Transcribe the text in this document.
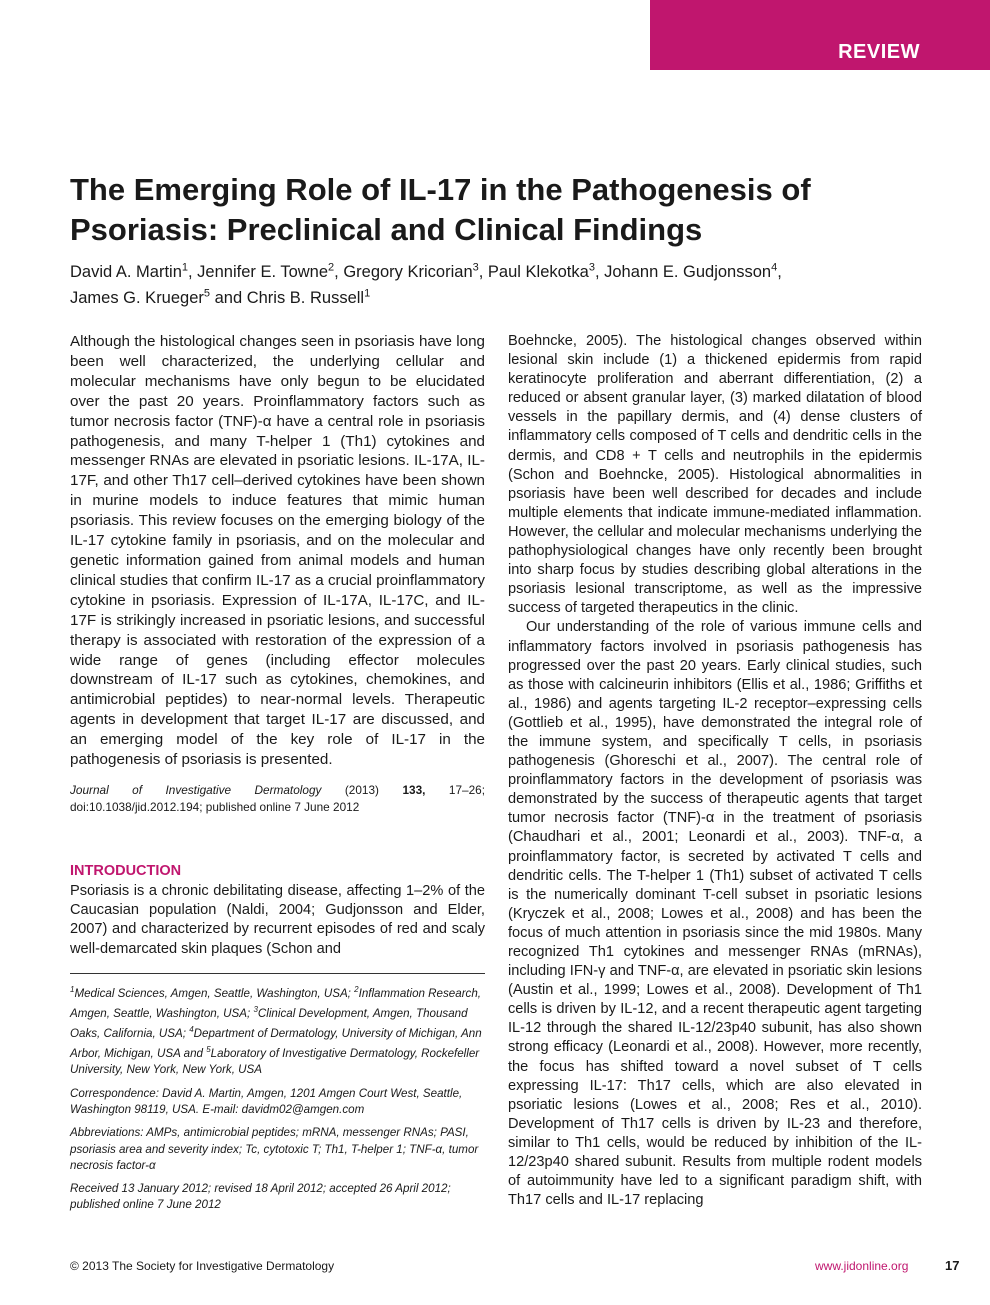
REVIEW
The Emerging Role of IL-17 in the Pathogenesis of Psoriasis: Preclinical and Clinical Findings
David A. Martin$^1$, Jennifer E. Towne$^2$, Gregory Kricorian$^3$, Paul Klekotka$^3$, Johann E. Gudjonsson$^4$,
James G. Krueger$^5$ and Chris B. Russell$^1$

Although the histological changes seen in psoriasis have long been well characterized, the underlying cellular and molecular mechanisms have only begun to be elucidated over the past 20 years. Proinflammatory factors such as tumor necrosis factor (TNF)-α have a central role in psoriasis pathogenesis, and many T-helper 1 (Th1) cytokines and messenger RNAs are elevated in psoriatic lesions. IL-17A, IL-17F, and other Th17 cell–derived cytokines have been shown in murine models to induce features that mimic human psoriasis. This review focuses on the emerging biology of the IL-17 cytokine family in psoriasis, and on the molecular and genetic information gained from animal models and human clinical studies that confirm IL-17 as a crucial proinflammatory cytokine in psoriasis. Expression of IL-17A, IL-17C, and IL-17F is strikingly increased in psoriatic lesions, and successful therapy is associated with restoration of the expression of a wide range of genes (including effector molecules downstream of IL-17 such as cytokines, chemokines, and antimicrobial peptides) to near-normal levels. Therapeutic agents in development that target IL-17 are discussed, and an emerging model of the key role of IL-17 in the pathogenesis of psoriasis is presented.

Journal of Investigative Dermatology (2013) 133, 17–26; doi:10.1038/jid.2012.194; published online 7 June 2012

INTRODUCTION

Psoriasis is a chronic debilitating disease, affecting 1–2% of the Caucasian population (Naldi, 2004; Gudjonsson and Elder, 2007) and characterized by recurrent episodes of red and scaly well-demarcated skin plaques (Schon and

$^1$Medical Sciences, Amgen, Seattle, Washington, USA; $^2$Inflammation Research, Amgen, Seattle, Washington, USA; $^3$Clinical Development, Amgen, Thousand Oaks, California, USA; $^4$Department of Dermatology, University of Michigan, Ann Arbor, Michigan, USA and $^5$Laboratory of Investigative Dermatology, Rockefeller University, New York, New York, USA

Correspondence: David A. Martin, Amgen, 1201 Amgen Court West, Seattle, Washington 98119, USA. E-mail: davidm02@amgen.com

Abbreviations: AMPs, antimicrobial peptides; mRNA, messenger RNAs; PASI, psoriasis area and severity index; Tc, cytotoxic T; Th1, T-helper 1; TNF-α, tumor necrosis factor-α

Received 13 January 2012; revised 18 April 2012; accepted 26 April 2012; published online 7 June 2012

Boehncke, 2005). The histological changes observed within lesional skin include (1) a thickened epidermis from rapid keratinocyte proliferation and aberrant differentiation, (2) a reduced or absent granular layer, (3) marked dilatation of blood vessels in the papillary dermis, and (4) dense clusters of inflammatory cells composed of T cells and dendritic cells in the dermis, and CD8 + T cells and neutrophils in the epidermis (Schon and Boehncke, 2005). Histological abnormalities in psoriasis have been well described for decades and include multiple elements that indicate immune-mediated inflammation. However, the cellular and molecular mechanisms underlying the pathophysiological changes have only recently been brought into sharp focus by studies describing global alterations in the psoriasis lesional transcriptome, as well as the impressive success of targeted therapeutics in the clinic.

Our understanding of the role of various immune cells and inflammatory factors involved in psoriasis pathogenesis has progressed over the past 20 years. Early clinical studies, such as those with calcineurin inhibitors (Ellis et al., 1986; Griffiths et al., 1986) and agents targeting IL-2 receptor–expressing cells (Gottlieb et al., 1995), have demonstrated the integral role of the immune system, and specifically T cells, in psoriasis pathogenesis (Ghoreschi et al., 2007). The central role of proinflammatory factors in the development of psoriasis was demonstrated by the success of therapeutic agents that target tumor necrosis factor (TNF)-α in the treatment of psoriasis (Chaudhari et al., 2001; Leonardi et al., 2003). TNF-α, a proinflammatory factor, is secreted by activated T cells and dendritic cells. The T-helper 1 (Th1) subset of activated T cells is the numerically dominant T-cell subset in psoriatic lesions (Kryczek et al., 2008; Lowes et al., 2008) and has been the focus of much attention in psoriasis since the mid 1980s. Many recognized Th1 cytokines and messenger RNAs (mRNAs), including IFN-γ and TNF-α, are elevated in psoriatic skin lesions (Austin et al., 1999; Lowes et al., 2008). Development of Th1 cells is driven by IL-12, and a recent therapeutic agent targeting IL-12 through the shared IL-12/23p40 subunit, has also shown strong efficacy (Leonardi et al., 2008). However, more recently, the focus has shifted toward a novel subset of T cells expressing IL-17: Th17 cells, which are also elevated in psoriatic lesions (Lowes et al., 2008; Res et al., 2010). Development of Th17 cells is driven by IL-23 and therefore, similar to Th1 cells, would be reduced by inhibition of the IL-12/23p40 shared subunit. Results from multiple rodent models of autoimmunity have led to a significant paradigm shift, with Th17 cells and IL-17 replacing

© 2013 The Society for Investigative Dermatology	www.jidonline.org	17
